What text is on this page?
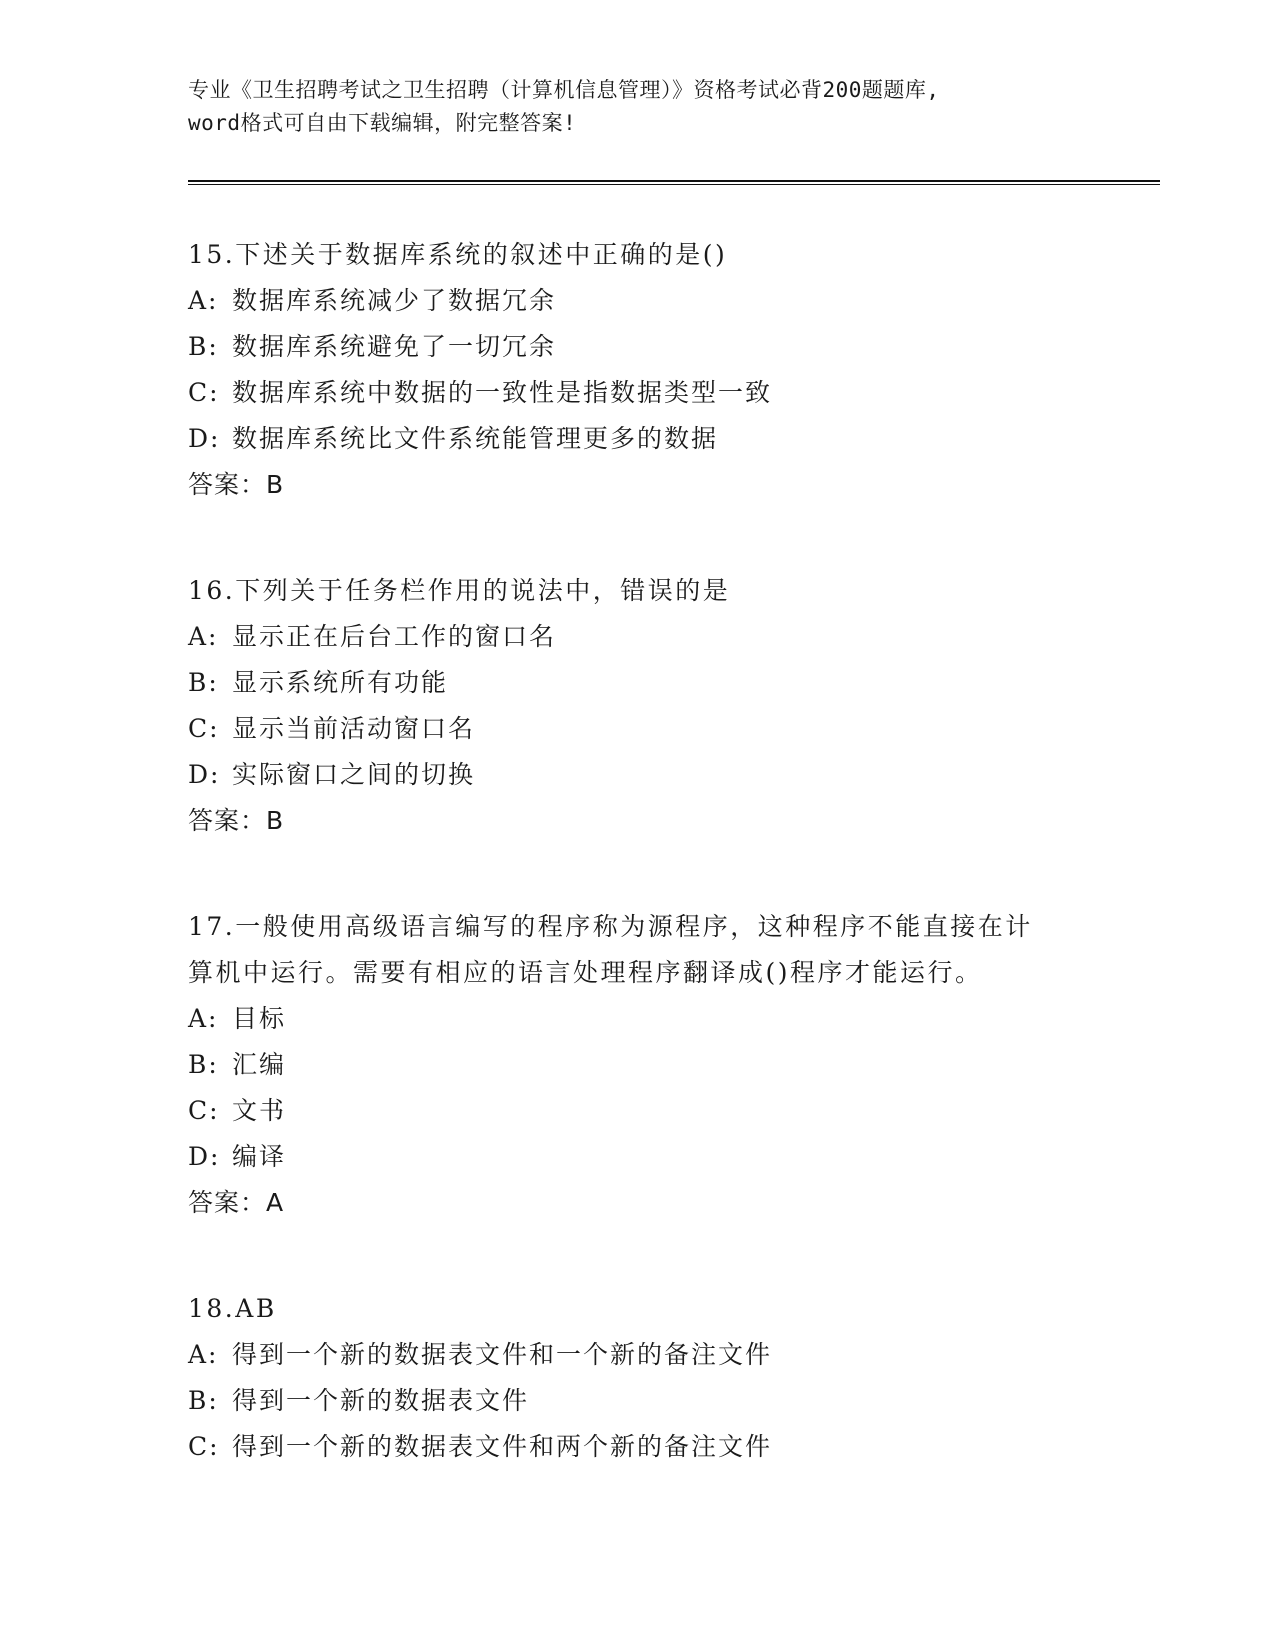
专业《卫生招聘考试之卫生招聘（计算机信息管理）》资格考试必背200题题库,
word格式可自由下载编辑，附完整答案!
15.下述关于数据库系统的叙述中正确的是()
A: 数据库系统减少了数据冗余
B: 数据库系统避免了一切冗余
C: 数据库系统中数据的一致性是指数据类型一致
D: 数据库系统比文件系统能管理更多的数据
答案：B
16.下列关于任务栏作用的说法中，错误的是
A: 显示正在后台工作的窗口名
B: 显示系统所有功能
C: 显示当前活动窗口名
D: 实际窗口之间的切换
答案：B
17.一般使用高级语言编写的程序称为源程序，这种程序不能直接在计
算机中运行。需要有相应的语言处理程序翻译成()程序才能运行。
A: 目标
B: 汇编
C: 文书
D: 编译
答案：A
18.AB
A: 得到一个新的数据表文件和一个新的备注文件
B: 得到一个新的数据表文件
C: 得到一个新的数据表文件和两个新的备注文件
